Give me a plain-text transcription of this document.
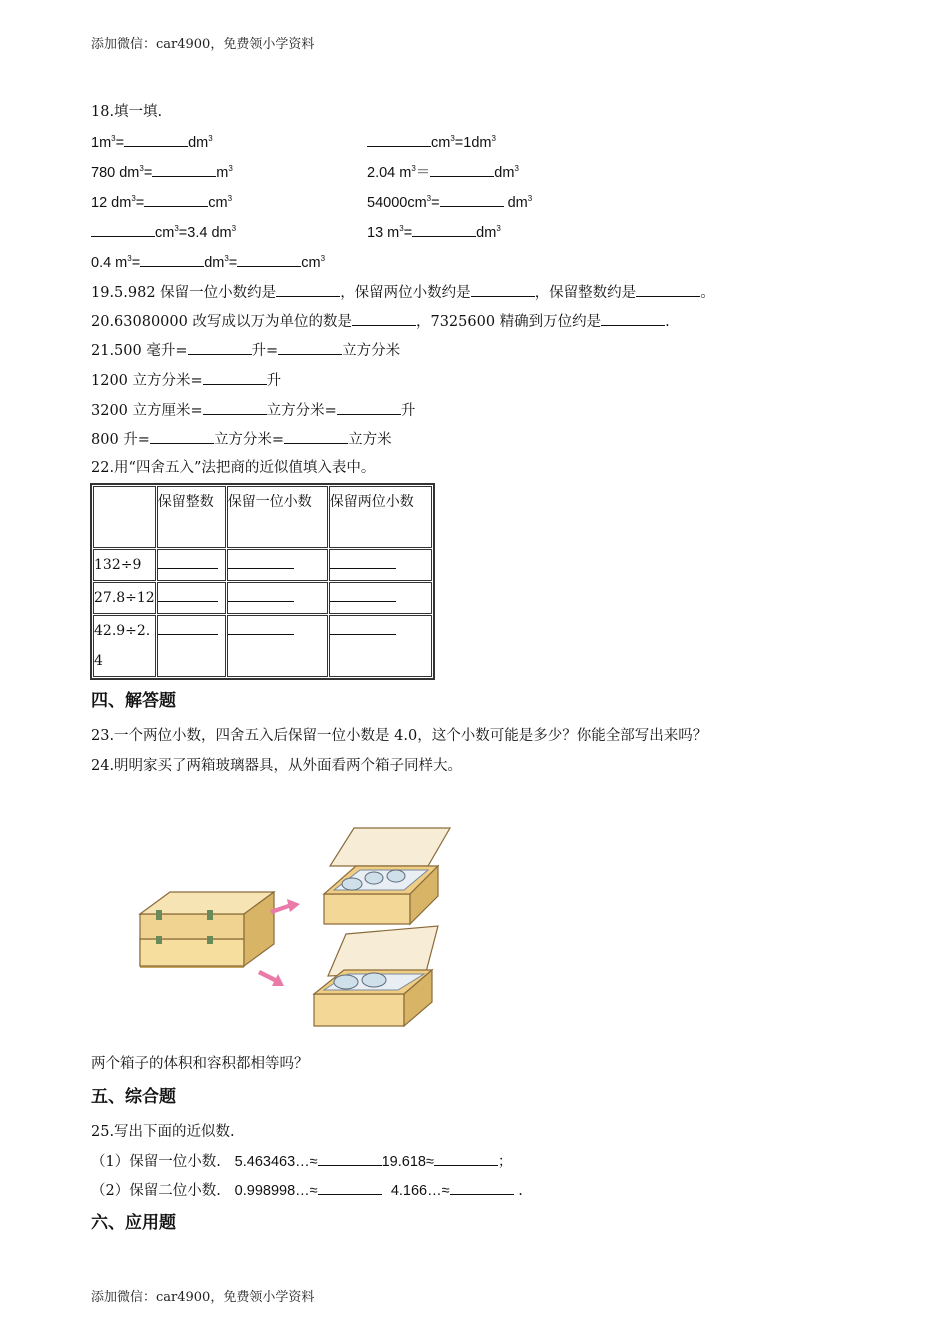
添加微信：car4900，免费领小学资料
18.填一填.
$1m^3=$	$dm^3$	$cm^3=1dm^3$
780 $dm^3=$	$m^3$	2.04 $m^3=$	$dm^3$
12 $dm^3=$	$cm^3$	$54000cm^3=$	$dm^3$
$cm^3=3.4$ $dm^3$	13 $m^3=$	$dm^3$
0.4 $m^3=$	$dm^3=$	$cm^3$
19.5.982 保留一位小数约是	，保留两位小数约是	，保留整数约是	。
20.63080000 改写成以万为单位的数是	，7325600 精确到万位约是	.
21.500 毫升=	升=	立方分米
1200 立方分米=	升
3200 立方厘米=	立方分米=	升
800 升=	立方分米=	立方米
22.用“四舍五入”法把商的近似值填入表中。
	保留整数	保留一位小数	保留两位小数
132÷9	

27.8÷12	

42.9÷2.4	

四、解答题
23.一个两位小数，四舍五入后保留一位小数是 4.0，这个小数可能是多少？你能全部写出来吗？
24.明明家买了两箱玻璃器具，从外面看两个箱子同样大。
两个箱子的体积和容积都相等吗？
五、综合题
25.写出下面的近似数.
（1）保留一位小数. 5.463463…≈	19.618≈	；
（2）保留二位小数. 0.998998…≈	4.166…≈	.
六、应用题
添加微信：car4900，免费领小学资料
